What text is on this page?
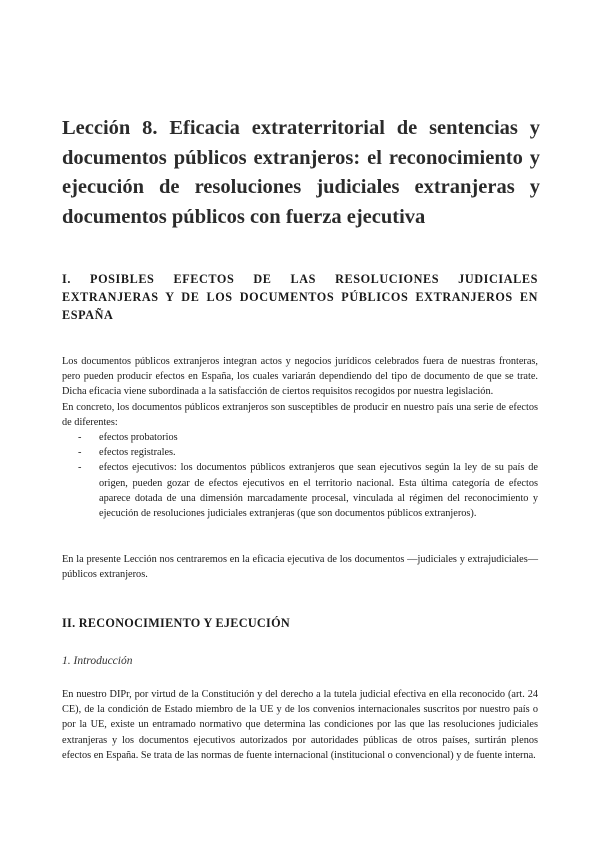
Lección 8. Eficacia extraterritorial de sentencias y documentos públicos extranjeros: el reconocimiento y ejecución de resoluciones judiciales extranjeras y documentos públicos con fuerza ejecutiva
I. POSIBLES EFECTOS DE LAS RESOLUCIONES JUDICIALES
EXTRANJERAS Y DE LOS DOCUMENTOS PÚBLICOS EXTRANJEROS EN
ESPAÑA

Los documentos públicos extranjeros integran actos y negocios jurídicos celebrados fuera de nuestras fronteras, pero pueden producir efectos en España, los cuales variarán dependiendo del tipo de documento de que se trate. Dicha eficacia viene subordinada a la satisfacción de ciertos requisitos recogidos por nuestra legislación.

En concreto, los documentos públicos extranjeros son susceptibles de producir en nuestro país una serie de efectos de diferentes:

- efectos probatorios
- efectos registrales.
- efectos ejecutivos: los documentos públicos extranjeros que sean ejecutivos según la ley de su país de origen, pueden gozar de efectos ejecutivos en el territorio nacional. Esta última categoría de efectos aparece dotada de una dimensión marcadamente procesal, vinculada al régimen del reconocimiento y ejecución de resoluciones judiciales extranjeras (que son documentos públicos extranjeros).

En la presente Lección nos centraremos en la eficacia ejecutiva de los documentos —judiciales y extrajudiciales— públicos extranjeros.

II. RECONOCIMIENTO Y EJECUCIÓN
1. Introducción

En nuestro DIPr, por virtud de la Constitución y del derecho a la tutela judicial efectiva en ella reconocido (art. 24 CE), de la condición de Estado miembro de la UE y de los convenios internacionales suscritos por nuestro país o por la UE, existe un entramado normativo que determina las condiciones por las que las resoluciones judiciales extranjeras y los documentos ejecutivos autorizados por autoridades públicas de otros países, surtirán plenos efectos en España. Se trata de las normas de fuente internacional (institucional o convencional) y de fuente interna.
